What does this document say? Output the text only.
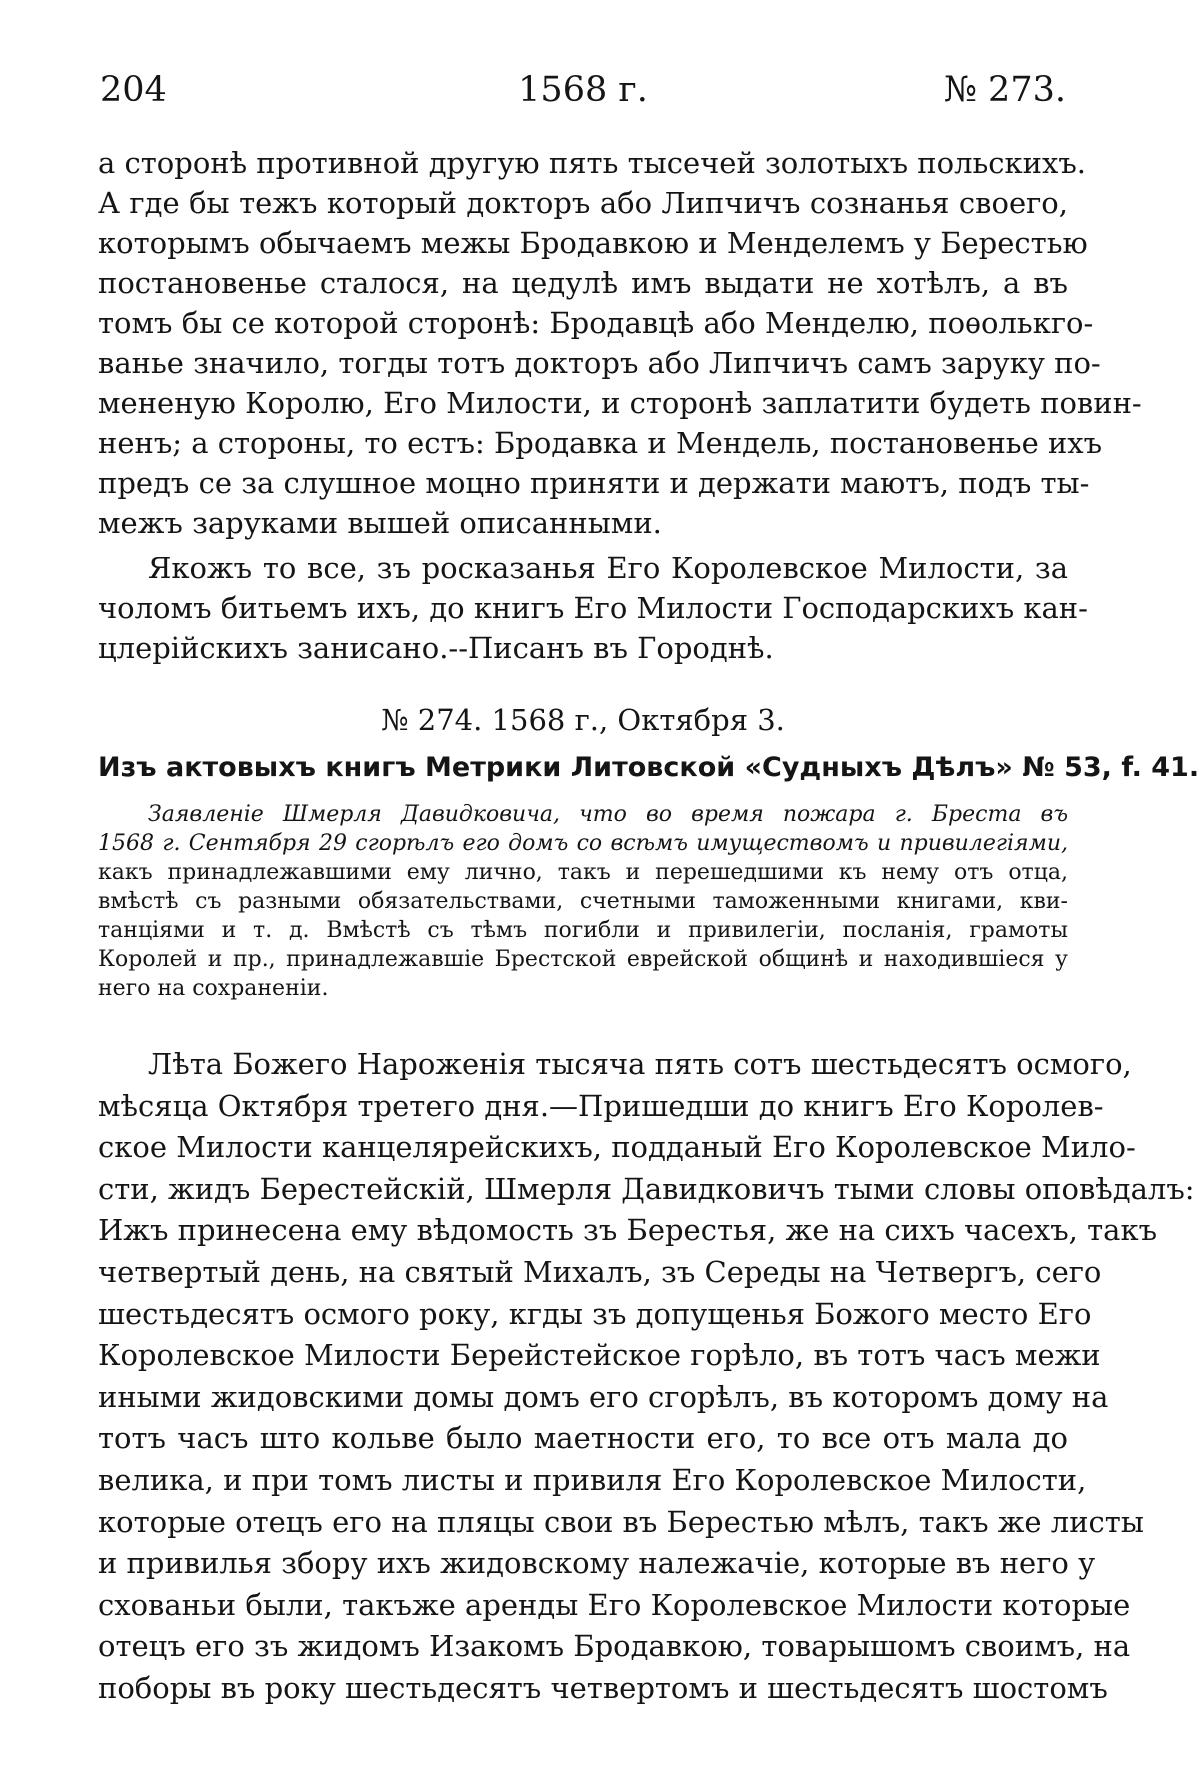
204	1568 г.	№ 273.
а сторонѣ противной другую пять тысечей золотыхъ польскихъ.
А где бы тежъ который докторъ або Липчичъ сознанья своего,
которымъ обычаемъ межы Бродавкою и Менделемъ у Берестью
постановенье сталося, на цедулѣ имъ выдати не хотѣлъ, а въ
томъ бы се которой сторонѣ: Бродавцѣ або Менделю, поѳолькго-
ванье значило, тогды тотъ докторъ або Липчичъ самъ заруку по-
мененую Королю, Его Милости, и сторонѣ заплатити будеть повин-
ненъ; а стороны, то естъ: Бродавка и Мендель, постановенье ихъ
предъ се за слушное моцно приняти и держати маютъ, подъ ты-
межъ заруками вышей описанными.
Якожъ то все, зъ росказанья Его Королевское Милости, за
чоломъ битьемъ ихъ, до книгъ Его Милости Господарскихъ кан-
цлерійскихъ занисано.--Писанъ въ Городнѣ.
№ 274. 1568 г., Октября 3.
Изъ актовыхъ книгъ Метрики Литовской «Судныхъ Дѣлъ» № 53, f. 41.
Заявленіе Шмерля Давидковича, что во время пожара г. Бреста въ
1568 г. Сентября 29 сгорѣлъ его домъ со всѣмъ имуществомъ и привилегіями,
какъ принадлежавшими ему лично, такъ и перешедшими къ нему отъ отца,
вмѣстѣ съ разными обязательствами, счетными таможенными книгами, кви-
танціями и т. д. Вмѣстѣ съ тѣмъ погибли и привилегіи, посланія, грамоты
Королей и пр., принадлежавшіе Брестской еврейской общинѣ и находившіеся у
него на сохраненіи.
Лѣта Божего Нароженія тысяча пять сотъ шестьдесятъ осмого,
мѣсяца Октября третего дня.—Пришедши до книгъ Его Королев-
ское Милости канцелярейскихъ, подданый Его Королевское Мило-
сти, жидъ Берестейскій, Шмерля Давидковичъ тыми словы оповѣдалъ:
Ижъ принесена ему вѣдомость зъ Берестья, же на сихъ часехъ, такъ
четвертый день, на святый Михалъ, зъ Середы на Четвергъ, сего
шестьдесятъ осмого року, кгды зъ допущенья Божого место Его
Королевское Милости Берейстейское горѣло, въ тотъ часъ межи
иными жидовскими домы домъ его сгорѣлъ, въ которомъ дому на
тотъ часъ што кольве было маетности его, то все отъ мала до
велика, и при томъ листы и привиля Его Королевское Милости,
которые отецъ его на пляцы свои въ Берестью мѣлъ, такъ же листы
и привилья збору ихъ жидовскому належачіе, которые въ него у
схованьи были, такъже аренды Его Королевское Милости которые
отецъ его зъ жидомъ Изакомъ Бродавкою, товарышомъ своимъ, на
поборы въ року шестьдесятъ четвертомъ и шестьдесятъ шостомъ
